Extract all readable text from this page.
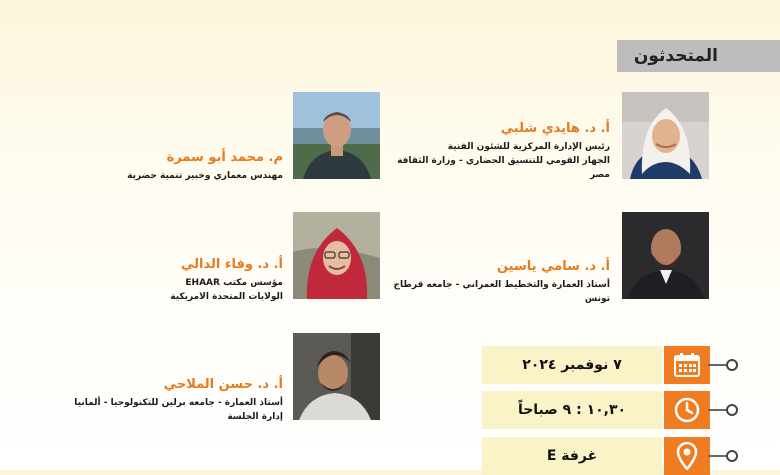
المتحدثون
أ. د. هايدي شلبي
رئيس الإدارة المركزية للشئون الفنية
الجهاز القومي للتنسيق الحضاري - وزارة الثقافة
مصر
م. محمد أبو سمرة
مهندس معماري وخبير تنمية حضرية
أ. د. سامي ياسين
أستاذ العمارة والتخطيط العمراني - جامعه قرطاج
تونس
أ. د. وفاء الدالي
مؤسس مكتب EHAAR
الولايات المتحدة الامريكية
أ. د. حسن الملاحي
أستاذ العمارة - جامعه برلين للتكنولوجيا - ألمانيا
إدارة الجلسة
٧ نوفمبر ٢٠٢٤
١٠,٣٠ : ٩ صباحاً
غرفة E
